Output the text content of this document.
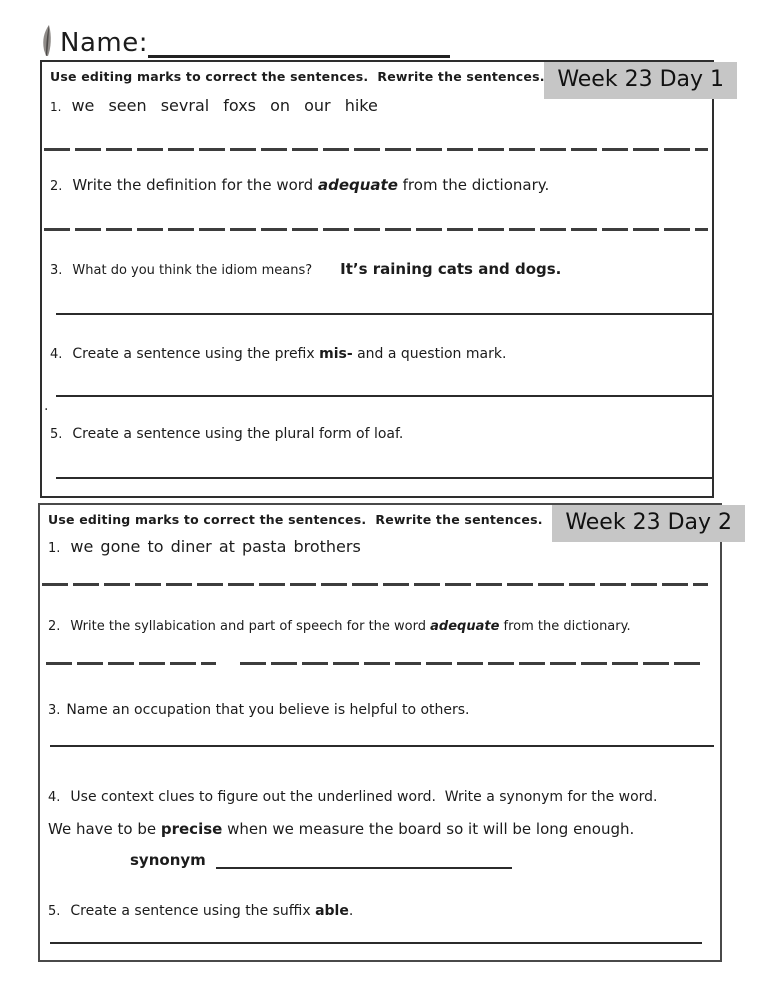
Name:
Week 23 Day 1
Use editing marks to correct the sentences.  Rewrite the sentences.
1. we seen sevral foxs on our hike
2. Write the definition for the word adequate from the dictionary.
3. What do you think the idiom means? It’s raining cats and dogs.
4. Create a sentence using the prefix mis- and a question mark.
.
5. Create a sentence using the plural form of loaf.
Week 23 Day 2
Use editing marks to correct the sentences.  Rewrite the sentences.
1. we gone to diner at pasta brothers
2. Write the syllabication and part of speech for the word adequate from the dictionary.
3. Name an occupation that you believe is helpful to others.
4. Use context clues to figure out the underlined word.  Write a synonym for the word.
We have to be precise when we measure the board so it will be long enough.
synonym
5. Create a sentence using the suffix able.
